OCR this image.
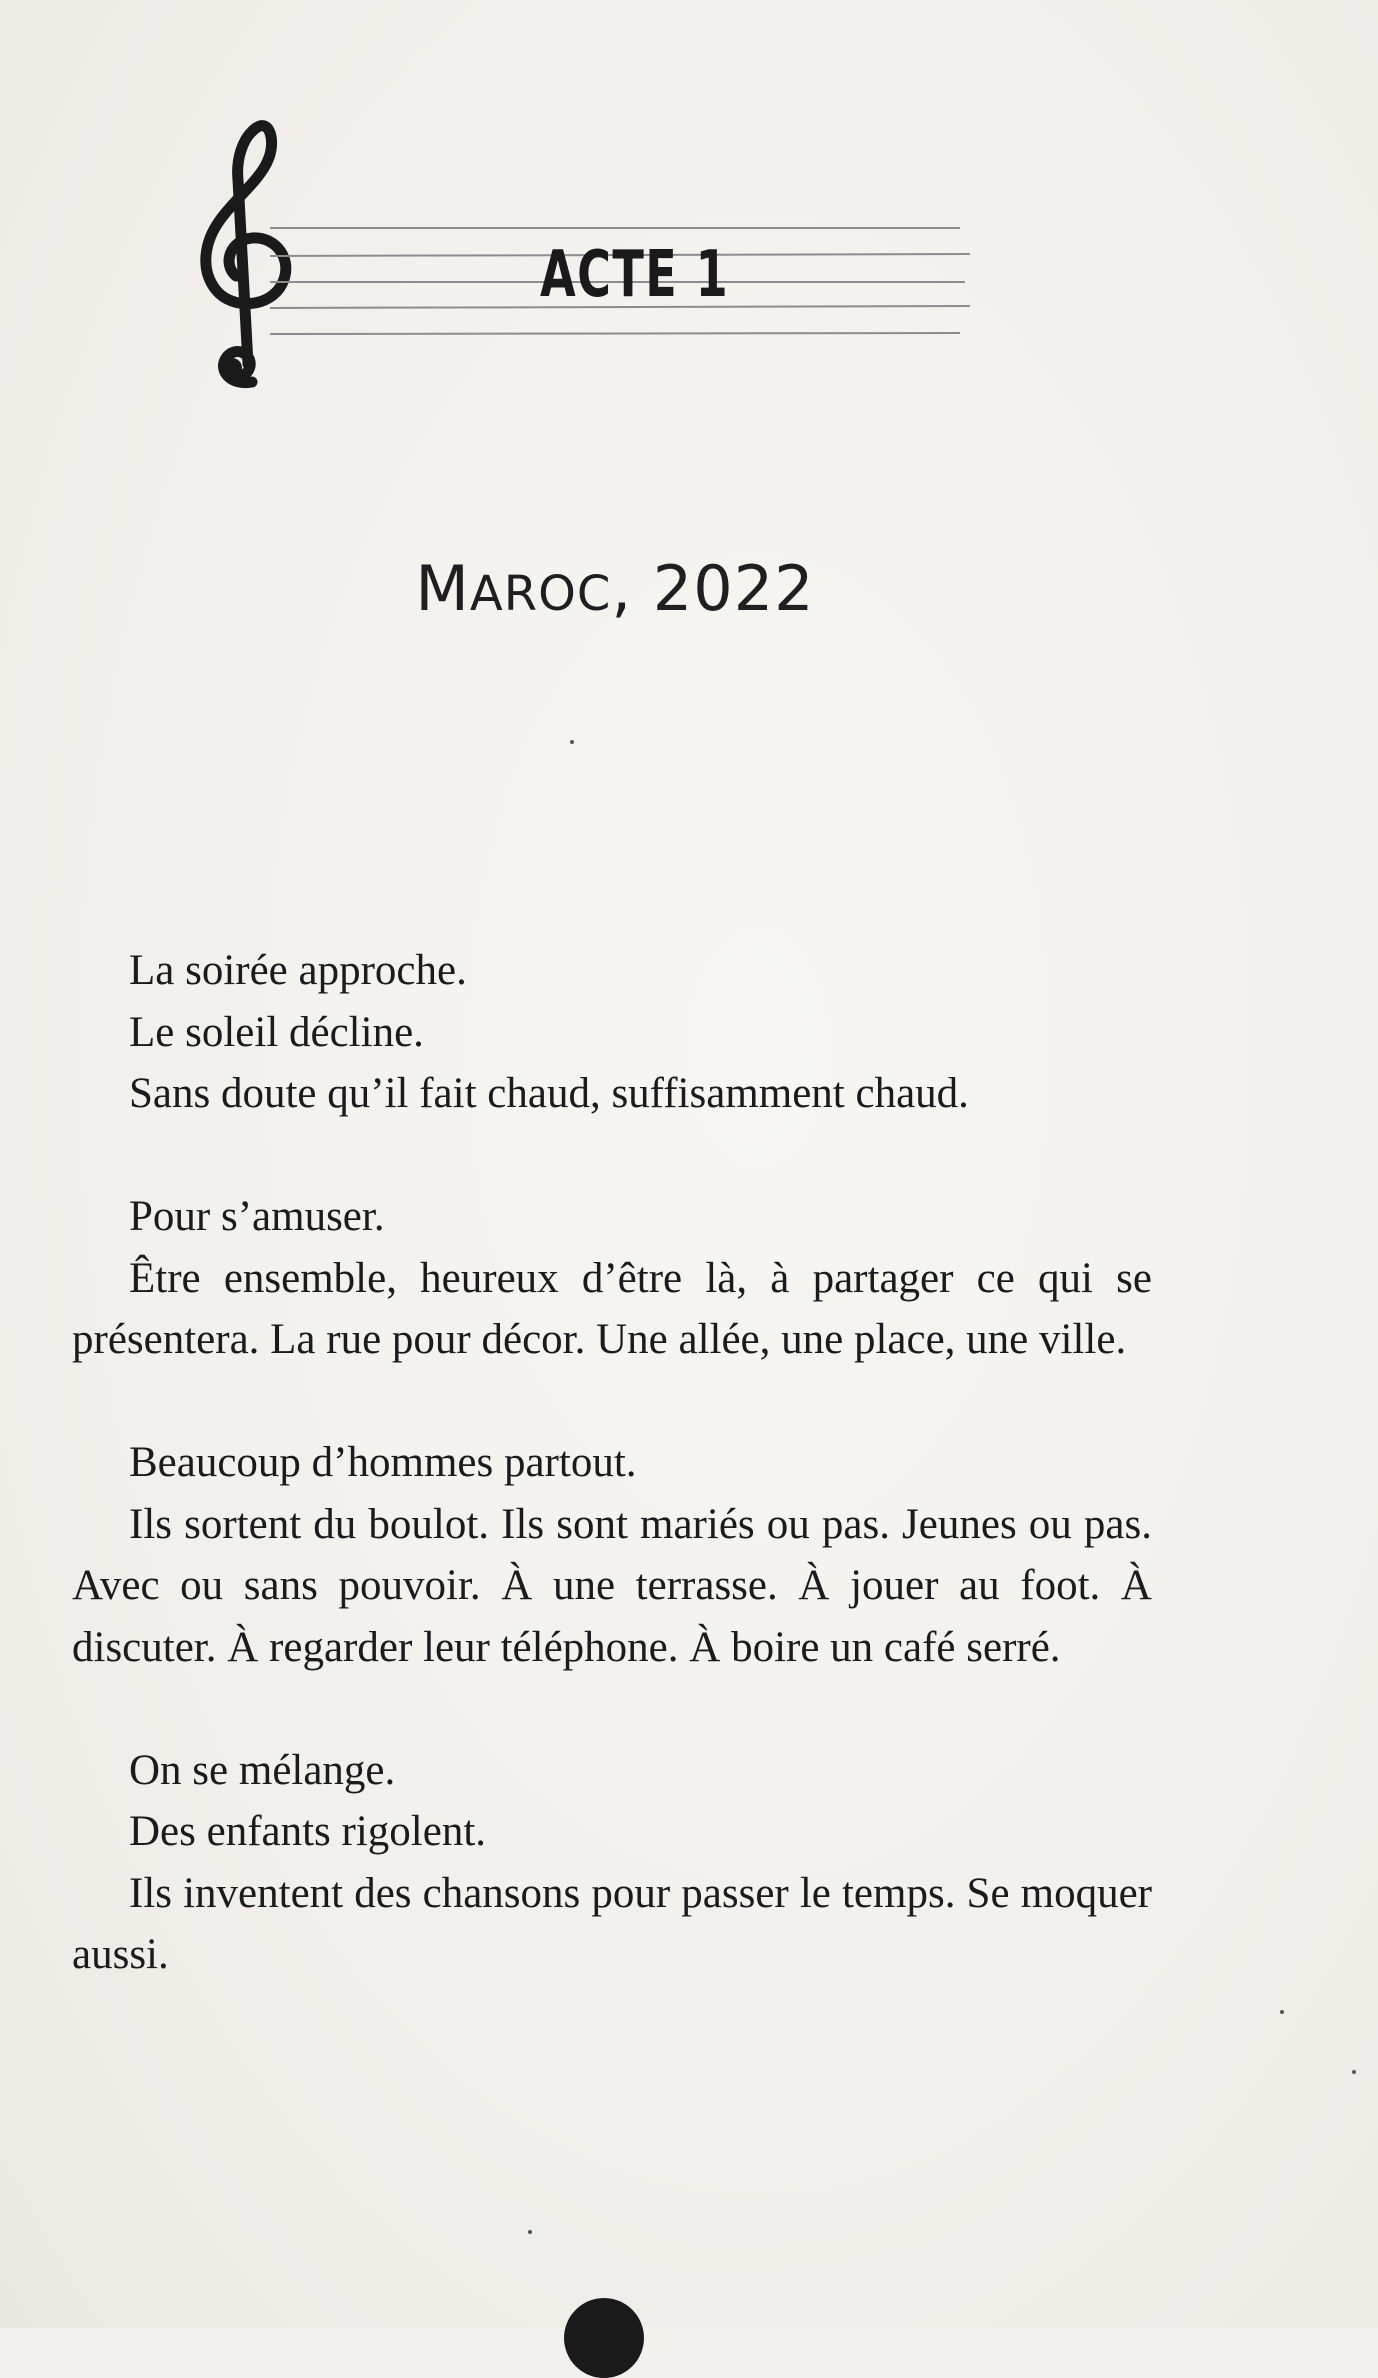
ACTE 1
MAROC, 2022

La soirée approche.

Le soleil décline.

Sans doute qu’il fait chaud, suffisamment chaud.

Pour s’amuser.

Être ensemble, heureux d’être là, à partager ce qui se présentera. La rue pour décor. Une allée, une place, une ville.

Beaucoup d’hommes partout.

Ils sortent du boulot. Ils sont mariés ou pas. Jeunes ou pas. Avec ou sans pouvoir. À une terrasse. À jouer au foot. À discuter. À regarder leur téléphone. À boire un café serré.

On se mélange.

Des enfants rigolent.

Ils inventent des chansons pour passer le temps. Se moquer aussi.
